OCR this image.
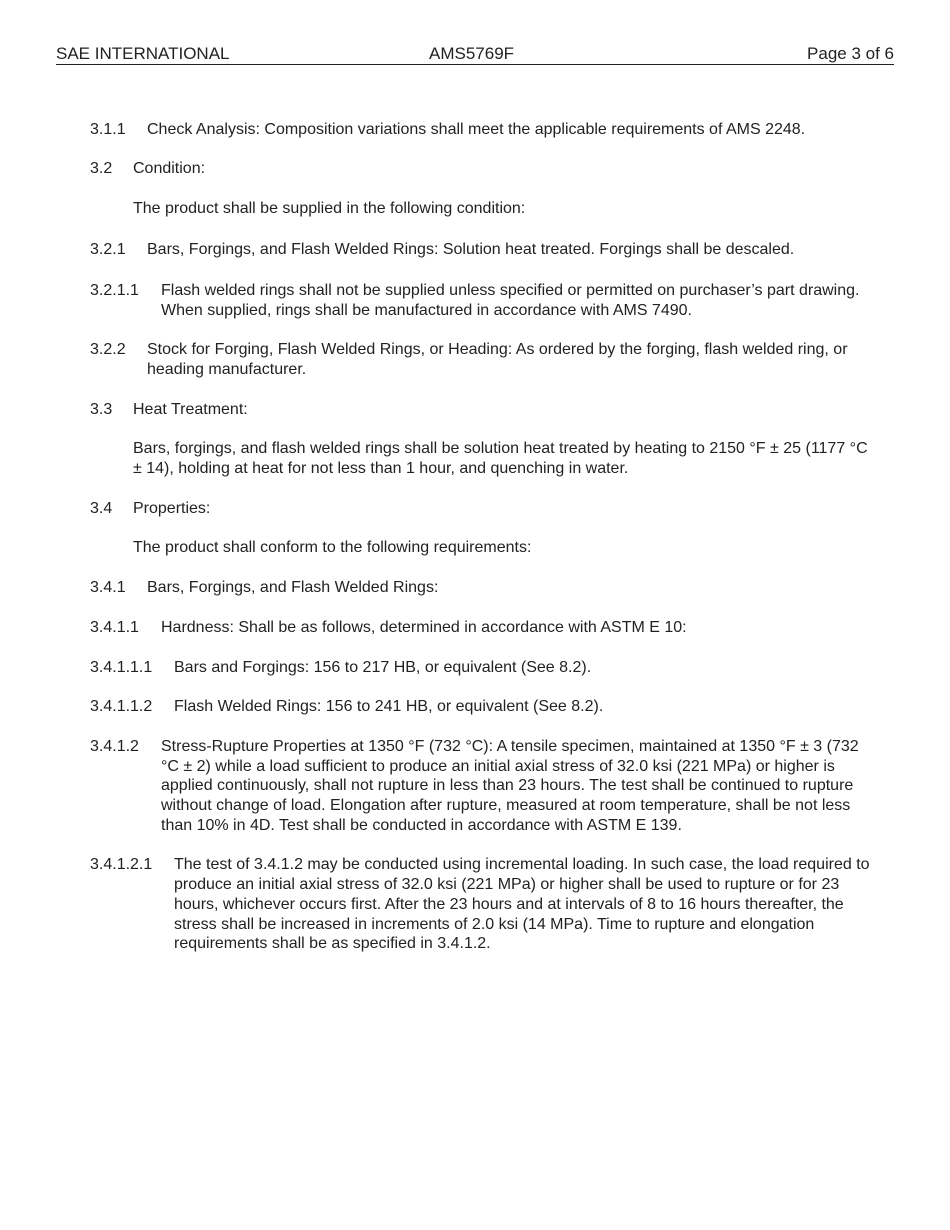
SAE INTERNATIONAL	AMS5769F	Page 3 of 6
3.1.1	Check Analysis: Composition variations shall meet the applicable requirements of AMS 2248.
3.2	Condition:
The product shall be supplied in the following condition:
3.2.1	Bars, Forgings, and Flash Welded Rings: Solution heat treated. Forgings shall be descaled.
3.2.1.1	Flash welded rings shall not be supplied unless specified or permitted on purchaser’s part drawing. When supplied, rings shall be manufactured in accordance with AMS 7490.
3.2.2	Stock for Forging, Flash Welded Rings, or Heading: As ordered by the forging, flash welded ring, or heading manufacturer.
3.3	Heat Treatment:
Bars, forgings, and flash welded rings shall be solution heat treated by heating to 2150 °F ± 25 (1177 °C ± 14), holding at heat for not less than 1 hour, and quenching in water.
3.4	Properties:
The product shall conform to the following requirements:
3.4.1	Bars, Forgings, and Flash Welded Rings:
3.4.1.1	Hardness: Shall be as follows, determined in accordance with ASTM E 10:
3.4.1.1.1	Bars and Forgings: 156 to 217 HB, or equivalent (See 8.2).
3.4.1.1.2	Flash Welded Rings: 156 to 241 HB, or equivalent (See 8.2).
3.4.1.2	Stress-Rupture Properties at 1350 °F (732 °C): A tensile specimen, maintained at 1350 °F ± 3 (732 °C ± 2) while a load sufficient to produce an initial axial stress of 32.0 ksi (221 MPa) or higher is applied continuously, shall not rupture in less than 23 hours. The test shall be continued to rupture without change of load. Elongation after rupture, measured at room temperature, shall be not less than 10% in 4D. Test shall be conducted in accordance with ASTM E 139.
3.4.1.2.1	The test of 3.4.1.2 may be conducted using incremental loading. In such case, the load required to produce an initial axial stress of 32.0 ksi (221 MPa) or higher shall be used to rupture or for 23 hours, whichever occurs first. After the 23 hours and at intervals of 8 to 16 hours thereafter, the stress shall be increased in increments of 2.0 ksi (14 MPa). Time to rupture and elongation requirements shall be as specified in 3.4.1.2.
